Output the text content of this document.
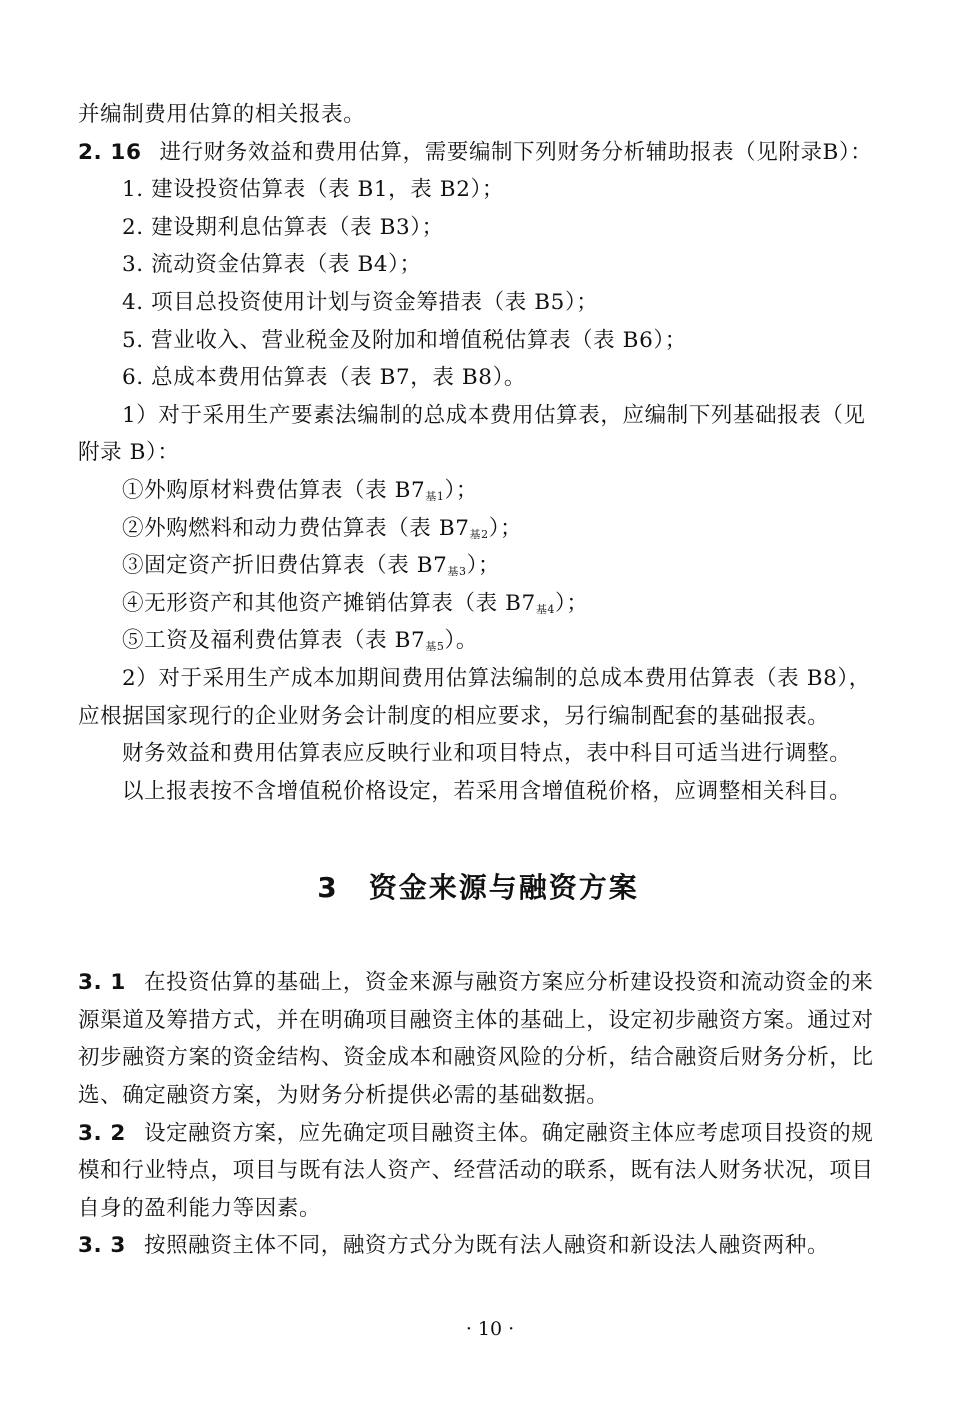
并编制费用估算的相关报表。

2. 16 进行财务效益和费用估算，需要编制下列财务分析辅助报表（见附录B）：

1. 建设投资估算表（表 B1，表 B2）；

2. 建设期利息估算表（表 B3）；

3. 流动资金估算表（表 B4）；

4. 项目总投资使用计划与资金筹措表（表 B5）；

5. 营业收入、营业税金及附加和增值税估算表（表 B6）；

6. 总成本费用估算表（表 B7，表 B8）。

1）对于采用生产要素法编制的总成本费用估算表，应编制下列基础报表（见附录 B）：

①外购原材料费估算表（表 $B7_{基1}$）；

②外购燃料和动力费估算表（表 $B7_{基2}$）；

③固定资产折旧费估算表（表 $B7_{基3}$）；

④无形资产和其他资产摊销估算表（表 $B7_{基4}$）；

⑤工资及福利费估算表（表 $B7_{基5}$）。

2）对于采用生产成本加期间费用估算法编制的总成本费用估算表（表 B8），应根据国家现行的企业财务会计制度的相应要求，另行编制配套的基础报表。

财务效益和费用估算表应反映行业和项目特点，表中科目可适当进行调整。

以上报表按不含增值税价格设定，若采用含增值税价格，应调整相关科目。

3 资金来源与融资方案

3. 1 在投资估算的基础上，资金来源与融资方案应分析建设投资和流动资金的来源渠道及筹措方式，并在明确项目融资主体的基础上，设定初步融资方案。通过对初步融资方案的资金结构、资金成本和融资风险的分析，结合融资后财务分析，比选、确定融资方案，为财务分析提供必需的基础数据。

3. 2 设定融资方案，应先确定项目融资主体。确定融资主体应考虑项目投资的规模和行业特点，项目与既有法人资产、经营活动的联系，既有法人财务状况，项目自身的盈利能力等因素。

3. 3 按照融资主体不同，融资方式分为既有法人融资和新设法人融资两种。

· 10 ·
